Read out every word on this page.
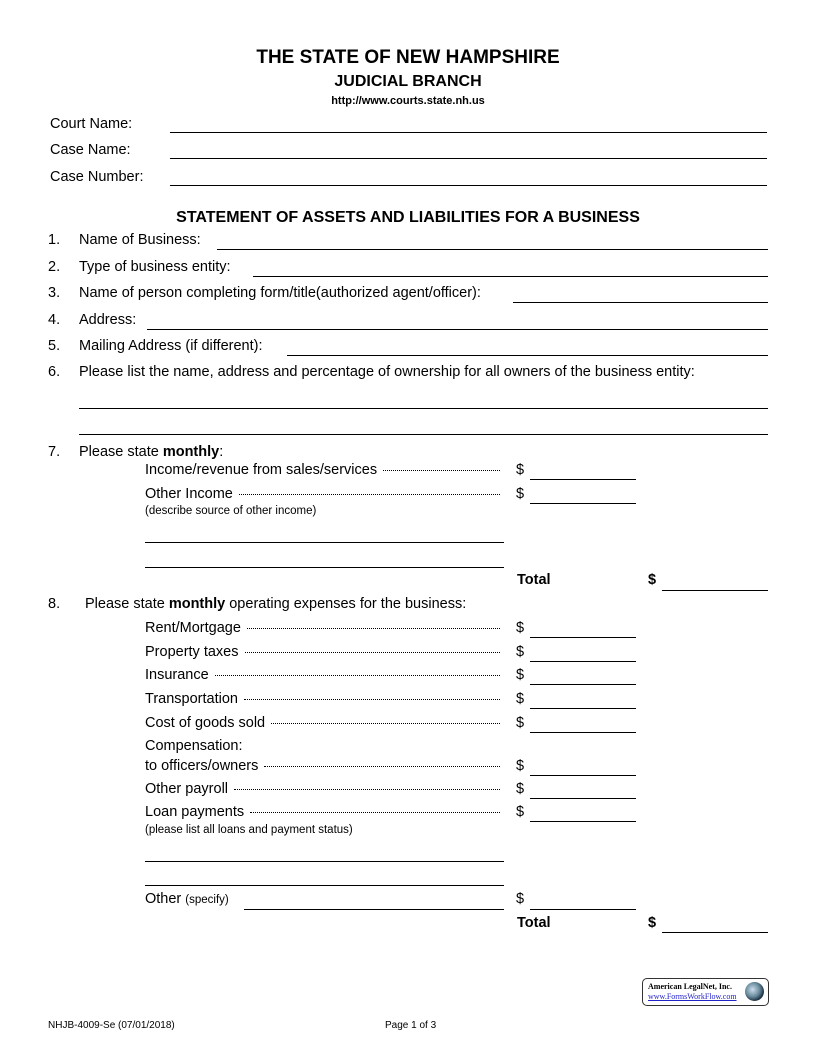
THE STATE OF NEW HAMPSHIRE
JUDICIAL BRANCH
http://www.courts.state.nh.us
Court Name:
Case Name:
Case Number:
STATEMENT OF ASSETS AND LIABILITIES FOR A BUSINESS
7. Please state monthly:
(describe source of other income)
Total	$
8. Please state monthly operating expenses for the business:
Compensation:
(please list all loans and payment status)
Other (specify)	$
Total	$
American LegalNet, Inc.
www.FormsWorkFlow.com
NHJB-4009-Se (07/01/2018)	Page 1 of 3
1. Name of Business:
2. Type of business entity:
3. Name of person completing form/title(authorized agent/officer):
4. Address:
5. Mailing Address (if different):
6. Please list the name, address and percentage of ownership for all owners of the business entity:
Income/revenue from sales/services	$
Other Income	$
Rent/Mortgage	$
Property taxes	$
Insurance	$
Transportation	$
Cost of goods sold	$
to officers/owners	$
Other payroll	$
Loan payments	$
